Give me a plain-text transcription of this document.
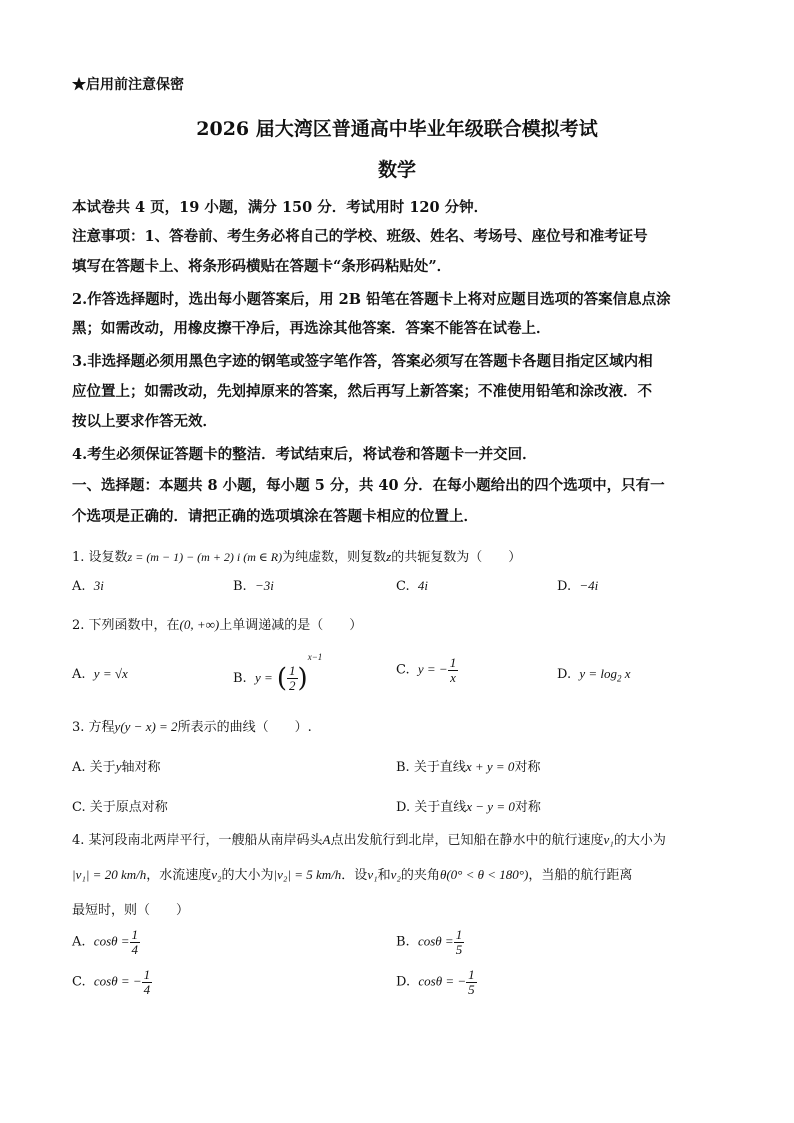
★启用前注意保密
2026 届大湾区普通高中毕业年级联合模拟考试
数学
本试卷共 4 页，19 小题，满分 150 分．考试用时 120 分钟．
注意事项：1、答卷前、考生务必将自己的学校、班级、姓名、考场号、座位号和准考证号
填写在答题卡上、将条形码横贴在答题卡“条形码粘贴处”．
2.作答选择题时，选出每小题答案后，用 2B 铅笔在答题卡上将对应题目选项的答案信息点涂
黑；如需改动，用橡皮擦干净后，再选涂其他答案．答案不能答在试卷上．
3.非选择题必须用黑色字迹的钢笔或签字笔作答，答案必须写在答题卡各题目指定区域内相
应位置上；如需改动，先划掉原来的答案，然后再写上新答案；不准使用铅笔和涂改液．不
按以上要求作答无效．
4.考生必须保证答题卡的整洁．考试结束后，将试卷和答题卡一并交回．
一、选择题：本题共 8 小题，每小题 5 分，共 40 分．在每小题给出的四个选项中，只有一
个选项是正确的．请把正确的选项填涂在答题卡相应的位置上．
1. 设复数z = (m − 1) − (m + 2) i (m ∈ R)为纯虚数，则复数z的共轭复数为（　　）
A. 3i	B. −3i	C. 4i	D. −4i
2. 下列函数中，在(0, +∞)上单调递减的是（　　）
A. y = √x	B. y = ( $\frac{1}{2} )^{x-1}$
C. y = − $\frac{1}{x}$	D. $y = \log_2 x$
3. 方程y(y − x) = 2所表示的曲线（　　）.
A. 关于y轴对称	B. 关于直线x + y = 0对称
C. 关于原点对称	D. 关于直线x − y = 0对称
4. 某河段南北两岸平行，一艘船从南岸码头A点出发航行到北岸，已知船在静水中的航行速度v₁的大小为
|v₁| = 20 km/h，水流速度v₂的大小为|v₂| = 5 km/h．设v₁和v₂的夹角θ(0° < θ < 180°)，当船的航行距离
最短时，则（　　）
A. $\cos\theta = \frac{1}{4}$	B. $\cos\theta = \frac{1}{5}$
C. cosθ = − $\frac{1}{4}$	D. cosθ = − $\frac{1}{5}$
